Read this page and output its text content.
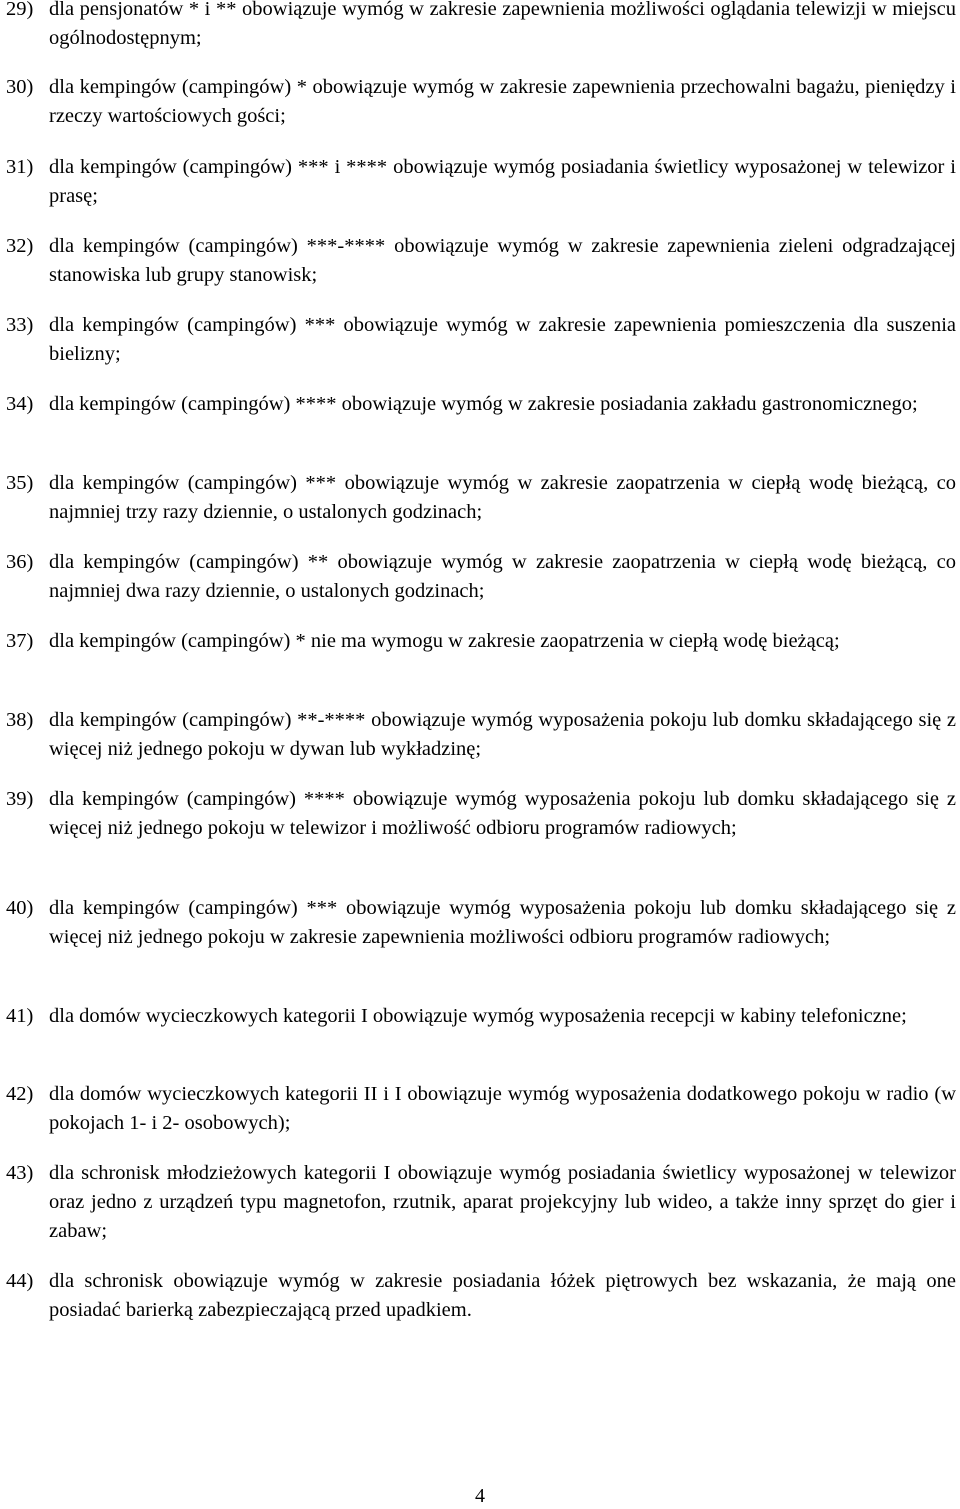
29) dla pensjonatów * i ** obowiązuje wymóg w zakresie zapewnienia możliwości oglądania telewizji w miejscu ogólnodostępnym;
30) dla kempingów (campingów) * obowiązuje wymóg w zakresie zapewnienia przechowalni bagażu, pieniędzy i rzeczy wartościowych gości;
31) dla kempingów (campingów) *** i **** obowiązuje wymóg posiadania świetlicy wyposażonej w telewizor i prasę;
32) dla kempingów (campingów) ***-**** obowiązuje wymóg w zakresie zapewnienia zieleni odgradzającej stanowiska lub grupy stanowisk;
33) dla kempingów (campingów) *** obowiązuje wymóg w zakresie zapewnienia pomieszczenia dla suszenia bielizny;
34) dla kempingów (campingów) **** obowiązuje wymóg w zakresie posiadania zakładu gastronomicznego;
35) dla kempingów (campingów) *** obowiązuje wymóg w zakresie zaopatrzenia w ciepłą wodę bieżącą, co najmniej trzy razy dziennie, o ustalonych godzinach;
36) dla kempingów (campingów) ** obowiązuje wymóg w zakresie zaopatrzenia w ciepłą wodę bieżącą, co najmniej dwa razy dziennie, o ustalonych godzinach;
37) dla kempingów (campingów) * nie ma wymogu w zakresie zaopatrzenia w ciepłą wodę bieżącą;
38) dla kempingów (campingów) **-**** obowiązuje wymóg wyposażenia pokoju lub domku składającego się z więcej niż jednego pokoju w dywan lub wykładzinę;
39) dla kempingów (campingów) **** obowiązuje wymóg wyposażenia pokoju lub domku składającego się z więcej niż jednego pokoju w telewizor i możliwość odbioru programów radiowych;
40) dla kempingów (campingów) *** obowiązuje wymóg wyposażenia pokoju lub domku składającego się z więcej niż jednego pokoju w zakresie zapewnienia możliwości odbioru programów radiowych;
41) dla domów wycieczkowych kategorii I obowiązuje wymóg wyposażenia recepcji w kabiny telefoniczne;
42) dla domów wycieczkowych kategorii II i I obowiązuje wymóg wyposażenia dodatkowego pokoju w radio (w pokojach 1- i 2- osobowych);
43) dla schronisk młodzieżowych kategorii I obowiązuje wymóg posiadania świetlicy wyposażonej w telewizor oraz jedno z urządzeń typu magnetofon, rzutnik, aparat projekcyjny lub wideo, a także inny sprzęt do gier i zabaw;
44) dla schronisk obowiązuje wymóg w zakresie posiadania łóżek piętrowych bez wskazania, że mają one posiadać barierką zabezpieczającą przed upadkiem.
4
